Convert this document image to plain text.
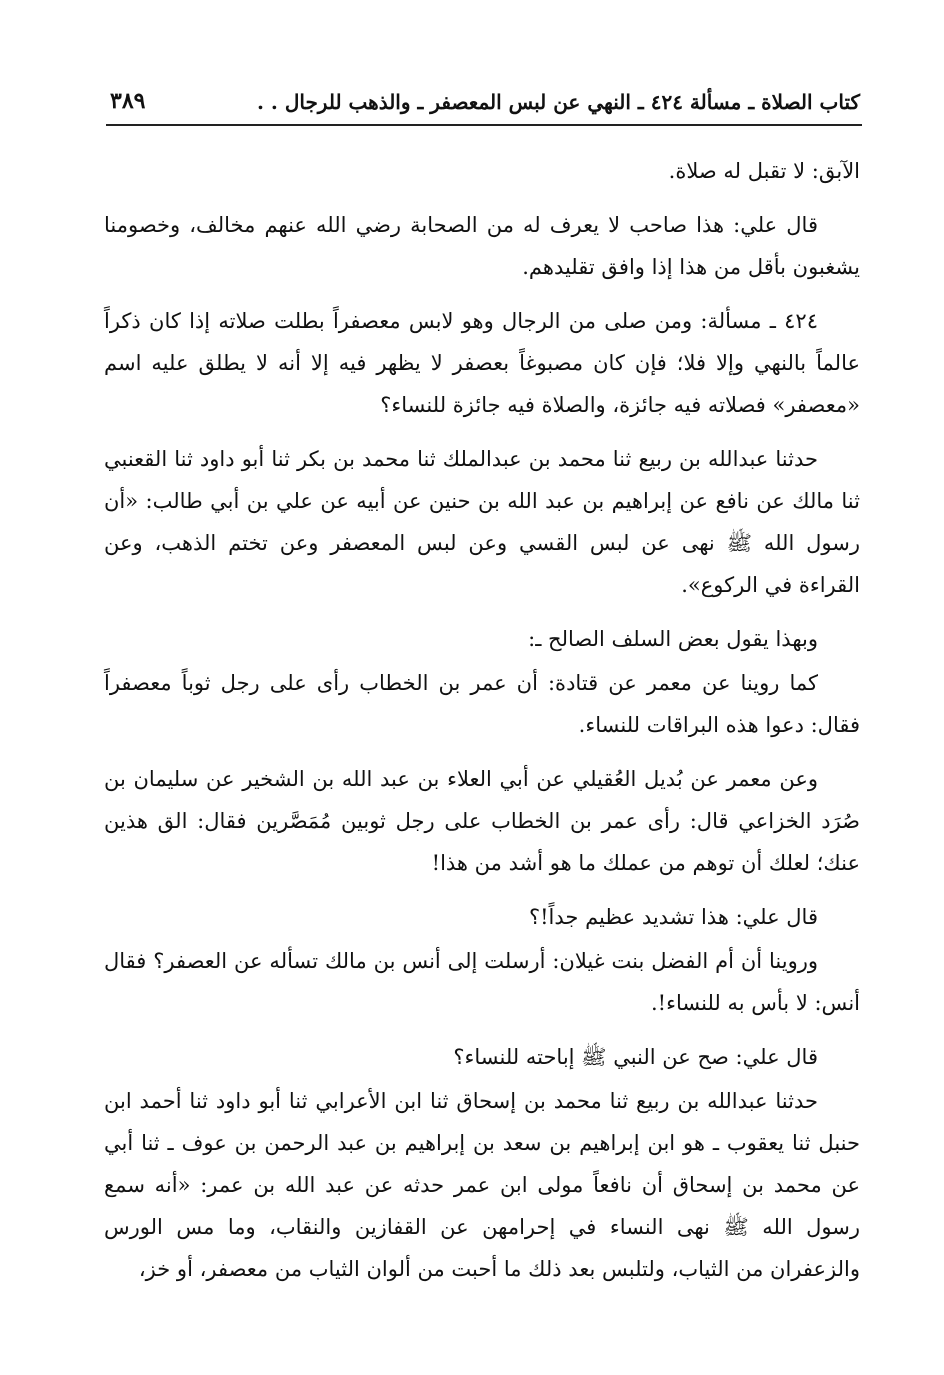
كتاب الصلاة ـ مسألة ٤٢٤ ـ النهي عن لبس المعصفر ـ والذهب للرجال . .
٣٨٩

الآبق: لا تقبل له صلاة.

قال علي: هذا صاحب لا يعرف له من الصحابة رضي الله عنهم مخالف، وخصومنا يشغبون بأقل من هذا إذا وافق تقليدهم.

٤٢٤ ـ مسألة: ومن صلى من الرجال وهو لابس معصفراً بطلت صلاته إذا كان ذكراً عالماً بالنهي وإلا فلا؛ فإن كان مصبوغاً بعصفر لا يظهر فيه إلا أنه لا يطلق عليه اسم «معصفر» فصلاته فيه جائزة، والصلاة فيه جائزة للنساء؟

حدثنا عبدالله بن ربيع ثنا محمد بن عبدالملك ثنا محمد بن بكر ثنا أبو داود ثنا القعنبي ثنا مالك عن نافع عن إبراهيم بن عبد الله بن حنين عن أبيه عن علي بن أبي طالب: «أن رسول الله ﷺ نهى عن لبس القسي وعن لبس المعصفر وعن تختم الذهب، وعن القراءة في الركوع».

وبهذا يقول بعض السلف الصالح ـ:

كما روينا عن معمر عن قتادة: أن عمر بن الخطاب رأى على رجل ثوباً معصفراً فقال: دعوا هذه البراقات للنساء.

وعن معمر عن بُديل العُقيلي عن أبي العلاء بن عبد الله بن الشخير عن سليمان بن صُرَد الخزاعي قال: رأى عمر بن الخطاب على رجل ثوبين مُمَصَّرين فقال: الق هذين عنك؛ لعلك أن توهم من عملك ما هو أشد من هذا!

قال علي: هذا تشديد عظيم جداً!؟

وروينا أن أم الفضل بنت غيلان: أرسلت إلى أنس بن مالك تسأله عن العصفر؟ فقال أنس: لا بأس به للنساء!.

قال علي: صح عن النبي ﷺ إباحته للنساء؟

حدثنا عبدالله بن ربيع ثنا محمد بن إسحاق ثنا ابن الأعرابي ثنا أبو داود ثنا أحمد ابن حنبل ثنا يعقوب ـ هو ابن إبراهيم بن سعد بن إبراهيم بن عبد الرحمن بن عوف ـ ثنا أبي عن محمد بن إسحاق أن نافعاً مولى ابن عمر حدثه عن عبد الله بن عمر: «أنه سمع رسول الله ﷺ نهى النساء في إحرامهن عن القفازين والنقاب، وما مس الورس والزعفران من الثياب، ولتلبس بعد ذلك ما أحبت من ألوان الثياب من معصفر، أو خز،
